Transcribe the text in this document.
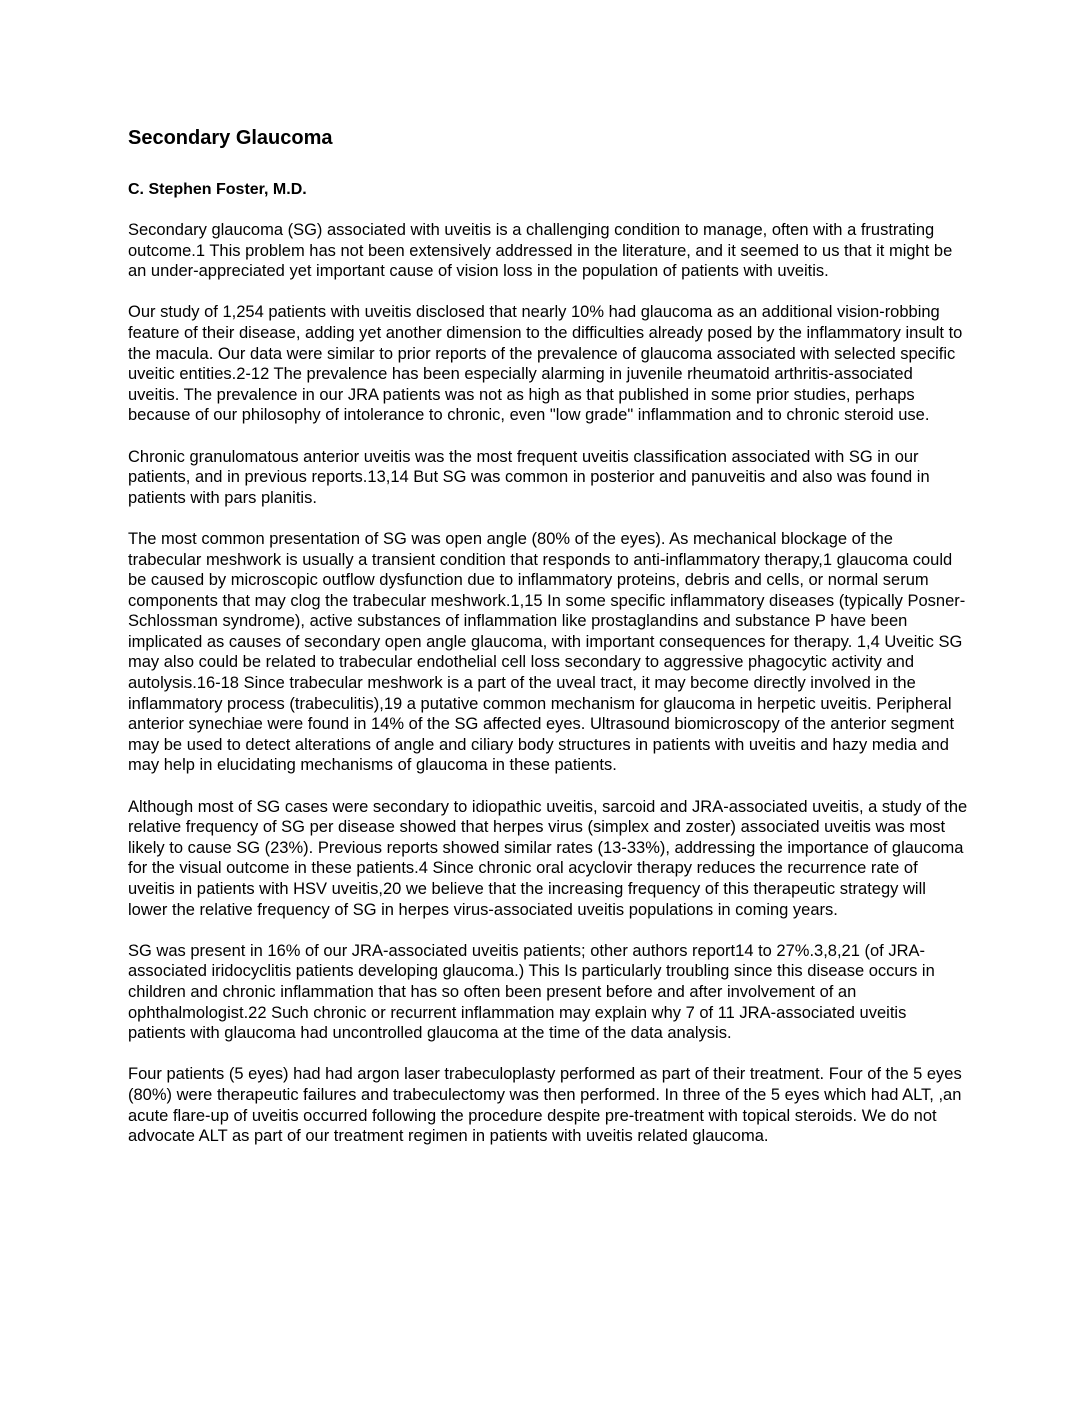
Secondary Glaucoma
C. Stephen Foster, M.D.

Secondary glaucoma (SG) associated with uveitis is a challenging condition to manage, often with a frustrating outcome.1 This problem has not been extensively addressed in the literature, and it seemed to us that it might be an under-appreciated yet important cause of vision loss in the population of patients with uveitis.

Our study of 1,254 patients with uveitis disclosed that nearly 10% had glaucoma as an additional vision-robbing feature of their disease, adding yet another dimension to the difficulties already posed by the inflammatory insult to the macula. Our data were similar to prior reports of the prevalence of glaucoma associated with selected specific uveitic entities.2-12 The prevalence has been especially alarming in juvenile rheumatoid arthritis-associated uveitis. The prevalence in our JRA patients was not as high as that published in some prior studies, perhaps because of our philosophy of intolerance to chronic, even "low grade" inflammation and to chronic steroid use.

Chronic granulomatous anterior uveitis was the most frequent uveitis classification associated with SG in our patients, and in previous reports.13,14 But SG was common in posterior and panuveitis and also was found in patients with pars planitis.

The most common presentation of SG was open angle (80% of the eyes). As mechanical blockage of the trabecular meshwork is usually a transient condition that responds to anti-inflammatory therapy,1 glaucoma could be caused by microscopic outflow dysfunction due to inflammatory proteins, debris and cells, or normal serum components that may clog the trabecular meshwork.1,15 In some specific inflammatory diseases (typically Posner-Schlossman syndrome), active substances of inflammation like prostaglandins and substance P have been implicated as causes of secondary open angle glaucoma, with important consequences for therapy. 1,4 Uveitic SG may also could be related to trabecular endothelial cell loss secondary to aggressive phagocytic activity and autolysis.16-18 Since trabecular meshwork is a part of the uveal tract, it may become directly involved in the inflammatory process (trabeculitis),19 a putative common mechanism for glaucoma in herpetic uveitis. Peripheral anterior synechiae were found in 14% of the SG affected eyes. Ultrasound biomicroscopy of the anterior segment may be used to detect alterations of angle and ciliary body structures in patients with uveitis and hazy media and may help in elucidating mechanisms of glaucoma in these patients.

Although most of SG cases were secondary to idiopathic uveitis, sarcoid and JRA-associated uveitis, a study of the relative frequency of SG per disease showed that herpes virus (simplex and zoster) associated uveitis was most likely to cause SG (23%). Previous reports showed similar rates (13-33%), addressing the importance of glaucoma for the visual outcome in these patients.4 Since chronic oral acyclovir therapy reduces the recurrence rate of uveitis in patients with HSV uveitis,20 we believe that the increasing frequency of this therapeutic strategy will lower the relative frequency of SG in herpes virus-associated uveitis populations in coming years.

SG was present in 16% of our JRA-associated uveitis patients; other authors report14 to 27%.3,8,21 (of JRA-associated iridocyclitis patients developing glaucoma.) This Is particularly troubling since this disease occurs in children and chronic inflammation that has so often been present before and after involvement of an ophthalmologist.22 Such chronic or recurrent inflammation may explain why 7 of 11 JRA-associated uveitis patients with glaucoma had uncontrolled glaucoma at the time of the data analysis.

Four patients (5 eyes) had had argon laser trabeculoplasty performed as part of their treatment. Four of the 5 eyes (80%) were therapeutic failures and trabeculectomy was then performed. In three of the 5 eyes which had ALT, ,an acute flare-up of uveitis occurred following the procedure despite pre-treatment with topical steroids. We do not advocate ALT as part of our treatment regimen in patients with uveitis related glaucoma.
